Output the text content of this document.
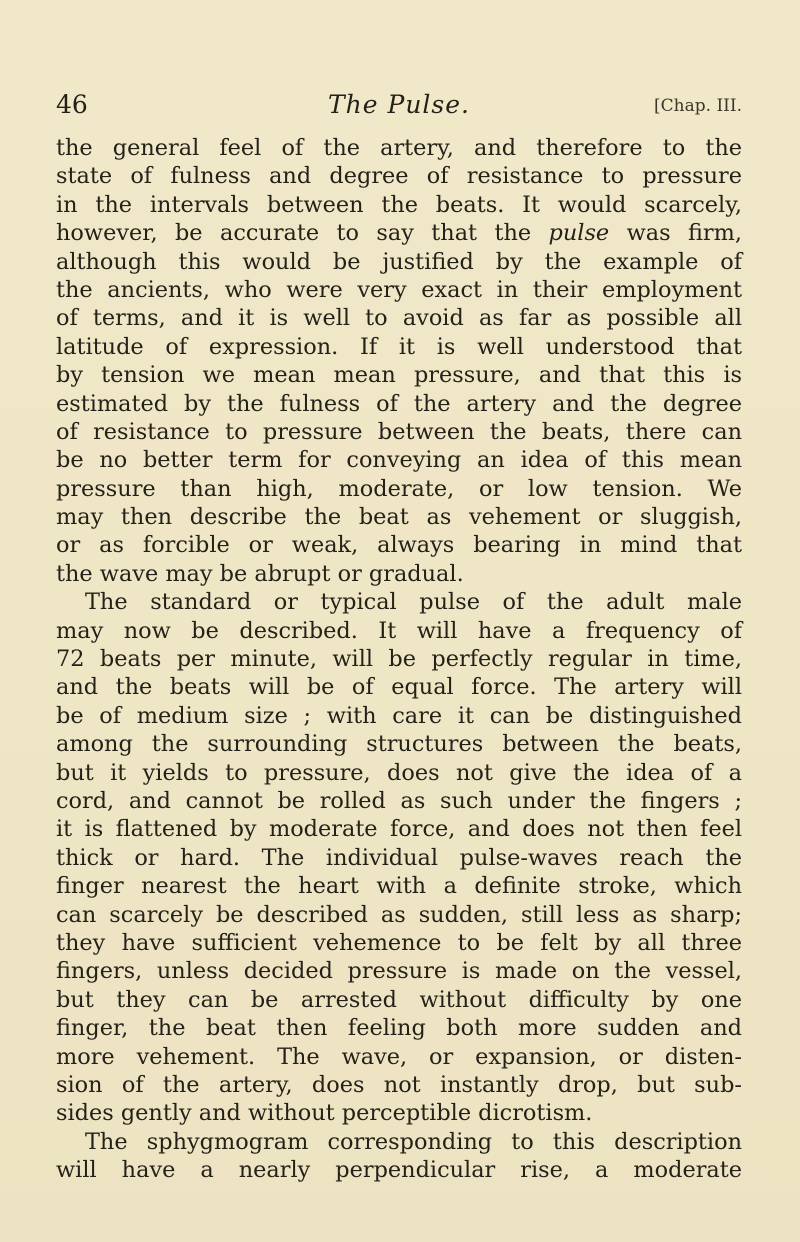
46	The Pulse.	[Chap. III.
the general feel of the artery, and therefore to the
state of fulness and degree of resistance to pressure
in the intervals between the beats. It would scarcely,
however, be accurate to say that the pulse was firm,
although this would be justified by the example of
the ancients, who were very exact in their employment
of terms, and it is well to avoid as far as possible all
latitude of expression. If it is well understood that
by tension we mean mean pressure, and that this is
estimated by the fulness of the artery and the degree
of resistance to pressure between the beats, there can
be no better term for conveying an idea of this mean
pressure than high, moderate, or low tension. We
may then describe the beat as vehement or sluggish,
or as forcible or weak, always bearing in mind that
the wave may be abrupt or gradual.
The standard or typical pulse of the adult male
may now be described. It will have a frequency of
72 beats per minute, will be perfectly regular in time,
and the beats will be of equal force. The artery will
be of medium size ; with care it can be distinguished
among the surrounding structures between the beats,
but it yields to pressure, does not give the idea of a
cord, and cannot be rolled as such under the fingers ;
it is flattened by moderate force, and does not then feel
thick or hard. The individual pulse-waves reach the
finger nearest the heart with a definite stroke, which
can scarcely be described as sudden, still less as sharp;
they have sufficient vehemence to be felt by all three
fingers, unless decided pressure is made on the vessel,
but they can be arrested without difficulty by one
finger, the beat then feeling both more sudden and
more vehement. The wave, or expansion, or disten-
sion of the artery, does not instantly drop, but sub-
sides gently and without perceptible dicrotism.
The sphygmogram corresponding to this description
will have a nearly perpendicular rise, a moderate
